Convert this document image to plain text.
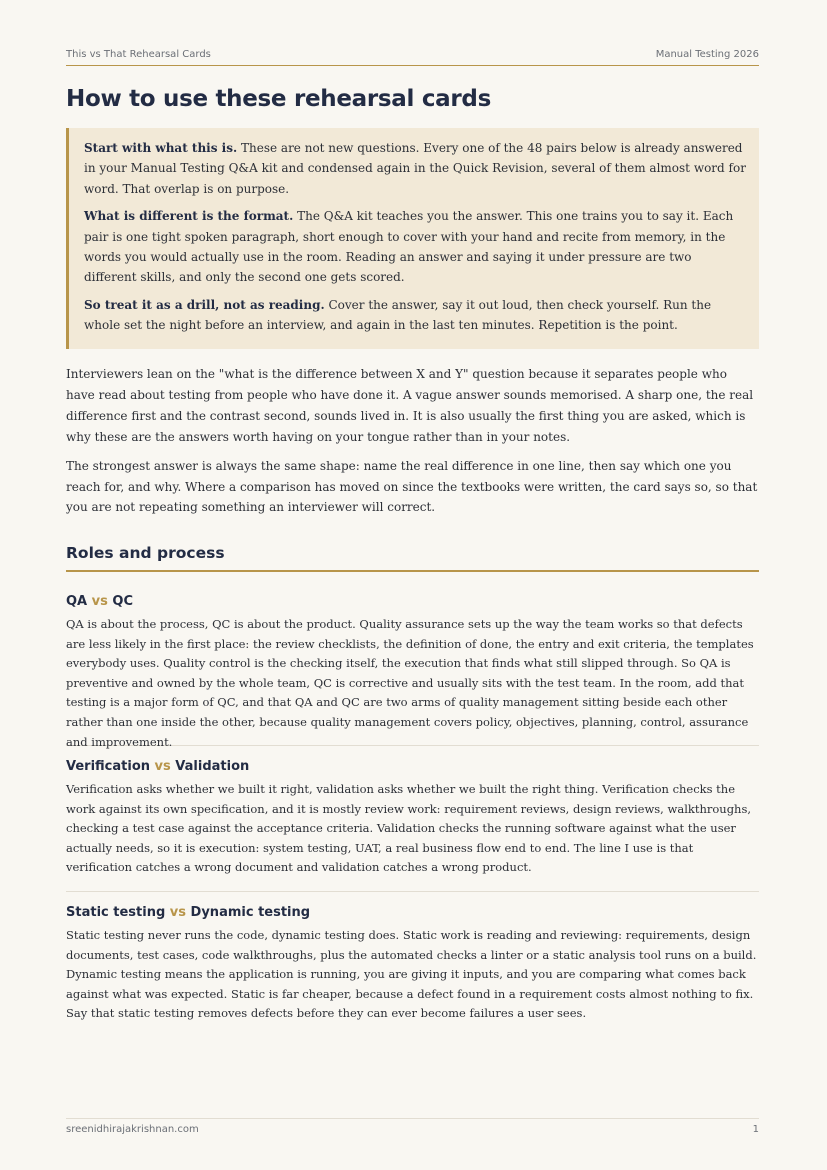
This vs That Rehearsal Cards	Manual Testing 2026
How to use these rehearsal cards

Start with what this is. These are not new questions. Every one of the 48 pairs below is already answered in your Manual Testing Q&A kit and condensed again in the Quick Revision, several of them almost word for word. That overlap is on purpose.

What is different is the format. The Q&A kit teaches you the answer. This one trains you to say it. Each pair is one tight spoken paragraph, short enough to cover with your hand and recite from memory, in the words you would actually use in the room. Reading an answer and saying it under pressure are two different skills, and only the second one gets scored.

So treat it as a drill, not as reading. Cover the answer, say it out loud, then check yourself. Run the whole set the night before an interview, and again in the last ten minutes. Repetition is the point.

Interviewers lean on the "what is the difference between X and Y" question because it separates people who have read about testing from people who have done it. A vague answer sounds memorised. A sharp one, the real difference first and the contrast second, sounds lived in. It is also usually the first thing you are asked, which is why these are the answers worth having on your tongue rather than in your notes.

The strongest answer is always the same shape: name the real difference in one line, then say which one you reach for, and why. Where a comparison has moved on since the textbooks were written, the card says so, so that you are not repeating something an interviewer will correct.

Roles and process
QA vs QC

QA is about the process, QC is about the product. Quality assurance sets up the way the team works so that defects are less likely in the first place: the review checklists, the definition of done, the entry and exit criteria, the templates everybody uses. Quality control is the checking itself, the execution that finds what still slipped through. So QA is preventive and owned by the whole team, QC is corrective and usually sits with the test team. In the room, add that testing is a major form of QC, and that QA and QC are two arms of quality management sitting beside each other rather than one inside the other, because quality management covers policy, objectives, planning, control, assurance and improvement.

Verification vs Validation

Verification asks whether we built it right, validation asks whether we built the right thing. Verification checks the work against its own specification, and it is mostly review work: requirement reviews, design reviews, walkthroughs, checking a test case against the acceptance criteria. Validation checks the running software against what the user actually needs, so it is execution: system testing, UAT, a real business flow end to end. The line I use is that verification catches a wrong document and validation catches a wrong product.

Static testing vs Dynamic testing

Static testing never runs the code, dynamic testing does. Static work is reading and reviewing: requirements, design documents, test cases, code walkthroughs, plus the automated checks a linter or a static analysis tool runs on a build. Dynamic testing means the application is running, you are giving it inputs, and you are comparing what comes back against what was expected. Static is far cheaper, because a defect found in a requirement costs almost nothing to fix. Say that static testing removes defects before they can ever become failures a user sees.

sreenidhirajakrishnan.com	1
